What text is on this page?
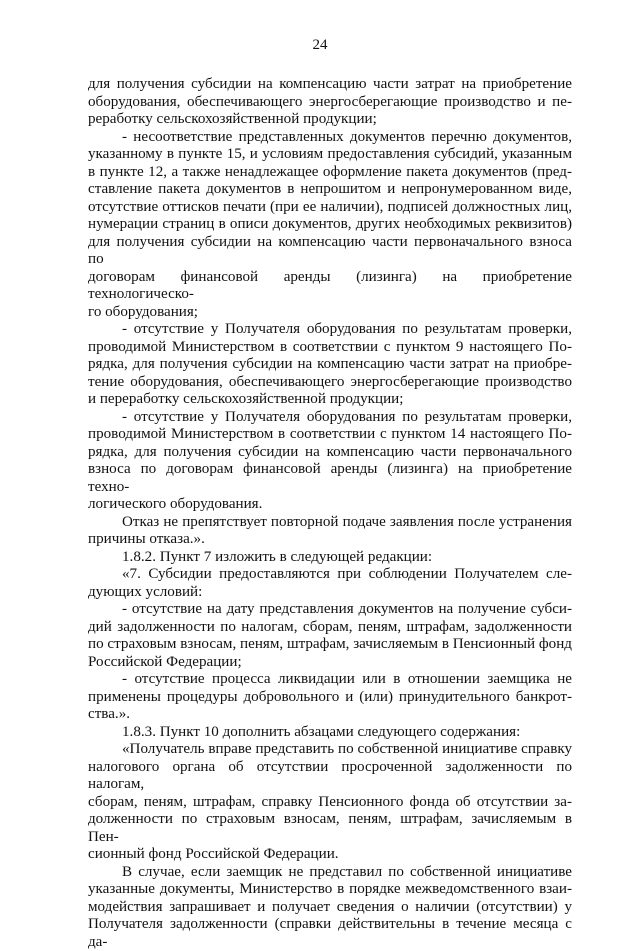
24

для получения субсидии на компенсацию части затрат на приобретение

оборудования, обеспечивающего энергосберегающие производство и пе-

реработку сельскохозяйственной продукции;

- несоответствие представленных документов перечню документов,

указанному в пункте 15, и условиям предоставления субсидий, указанным

в пункте 12, а также ненадлежащее оформление пакета документов (пред-

ставление пакета документов в непрошитом и непронумерованном виде,

отсутствие оттисков печати (при ее наличии), подписей должностных лиц,

нумерации страниц в описи документов, других необходимых реквизитов)

для получения субсидии на компенсацию части первоначального взноса по

договорам финансовой аренды (лизинга) на приобретение технологическо-

го оборудования;

- отсутствие у Получателя оборудования по результатам проверки,

проводимой Министерством в соответствии с пунктом 9 настоящего По-

рядка, для получения субсидии на компенсацию части затрат на приобре-

тение оборудования, обеспечивающего энергосберегающие производство

и переработку сельскохозяйственной продукции;

- отсутствие у Получателя оборудования по результатам проверки,

проводимой Министерством в соответствии с пунктом 14 настоящего По-

рядка, для получения субсидии на компенсацию части первоначального

взноса по договорам финансовой аренды (лизинга) на приобретение техно-

логического оборудования.

Отказ не препятствует повторной подаче заявления после устранения

причины отказа.».

1.8.2. Пункт 7 изложить в следующей редакции:

«7. Субсидии предоставляются при соблюдении Получателем сле-

дующих условий:

- отсутствие на дату представления документов на получение субси-

дий задолженности по налогам, сборам, пеням, штрафам, задолженности

по страховым взносам, пеням, штрафам, зачисляемым в Пенсионный фонд

Российской Федерации;

- отсутствие процесса ликвидации или в отношении заемщика не

применены процедуры добровольного и (или) принудительного банкрот-

ства.».

1.8.3. Пункт 10 дополнить абзацами следующего содержания:

«Получатель вправе представить по собственной инициативе справку

налогового органа об отсутствии просроченной задолженности по налогам,

сборам, пеням, штрафам, справку Пенсионного фонда об отсутствии за-

долженности по страховым взносам, пеням, штрафам, зачисляемым в Пен-

сионный фонд Российской Федерации.

В случае, если заемщик не представил по собственной инициативе

указанные документы, Министерство в порядке межведомственного взаи-

модействия запрашивает и получает сведения о наличии (отсутствии) у

Получателя задолженности (справки действительны в течение месяца с да-
